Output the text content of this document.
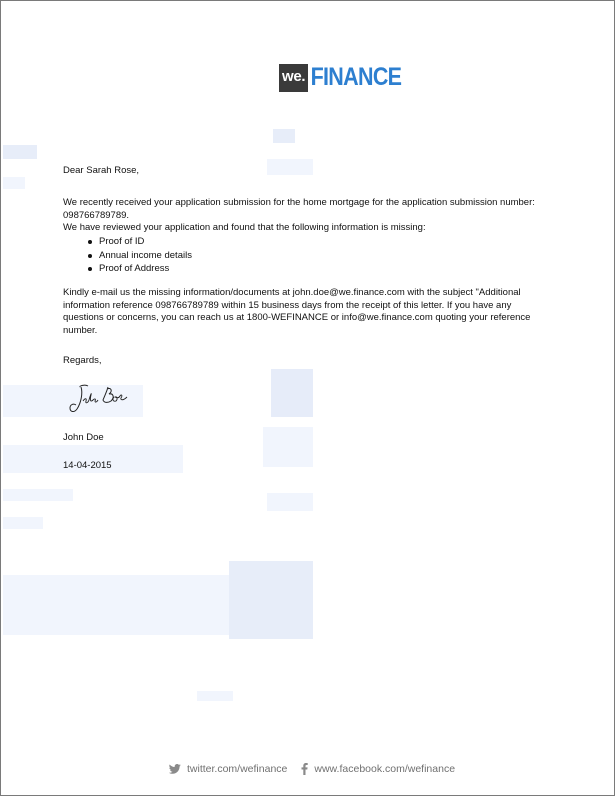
we. FINANCE
Dear Sarah Rose,
We recently received your application submission for the home mortgage for the application submission number: 098766789789.
We have reviewed your application and found that the following information is missing:
Proof of ID
Annual income details
Proof of Address
Kindly e-mail us the missing information/documents at john.doe@we.finance.com with the subject "Additional information reference 098766789789 within 15 business days from the receipt of this letter. If you have any questions or concerns, you can reach us at 1800-WEFINANCE or info@we.finance.com quoting your reference number.
Regards,
John Doe
14-04-2015
twitter.com/wefinance	www.facebook.com/wefinance
